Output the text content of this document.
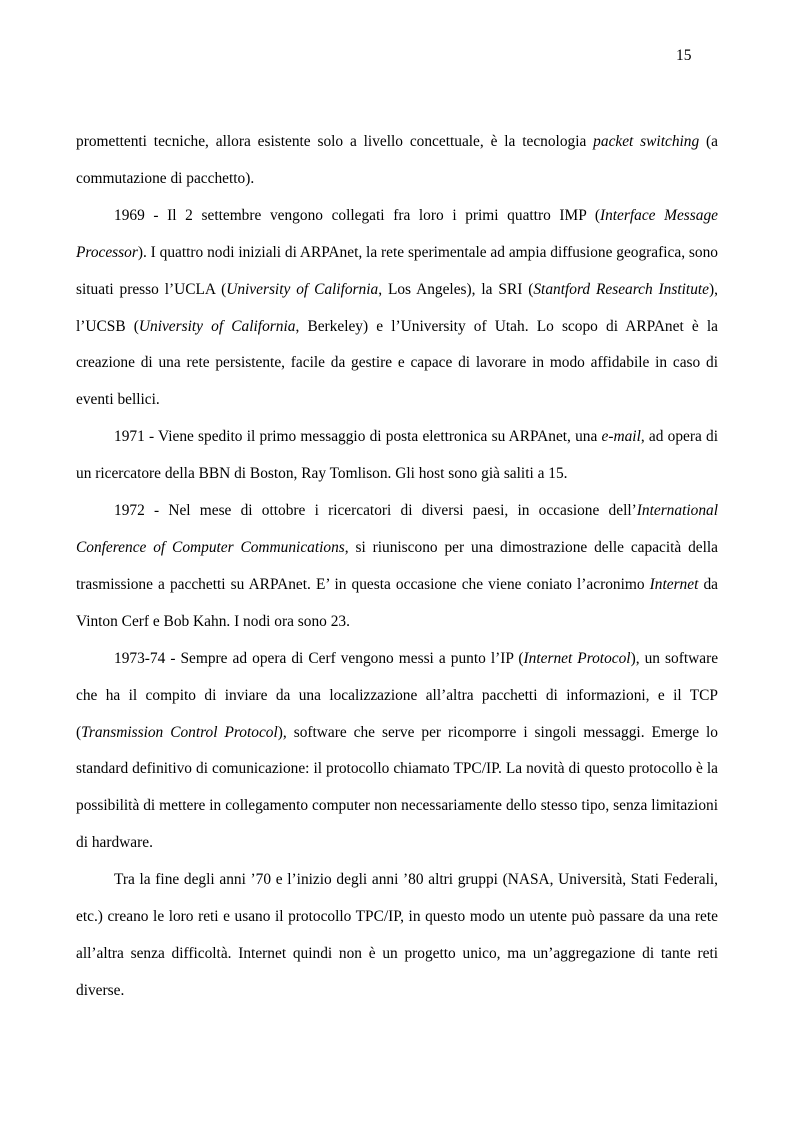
15

promettenti tecniche, allora esistente solo a livello concettuale, è la tecnologia packet switching (a commutazione di pacchetto).

1969 - Il 2 settembre vengono collegati fra loro i primi quattro IMP (Interface Message Processor). I quattro nodi iniziali di ARPAnet, la rete sperimentale ad ampia diffusione geografica, sono situati presso l’UCLA (University of California, Los Angeles), la SRI (Stantford Research Institute), l’UCSB (University of California, Berkeley) e l’University of Utah. Lo scopo di ARPAnet è la creazione di una rete persistente, facile da gestire e capace di lavorare in modo affidabile in caso di eventi bellici.

1971 - Viene spedito il primo messaggio di posta elettronica su ARPAnet, una e-mail, ad opera di un ricercatore della BBN di Boston, Ray Tomlison. Gli host sono già saliti a 15.

1972 - Nel mese di ottobre i ricercatori di diversi paesi, in occasione dell’International Conference of Computer Communications, si riuniscono per una dimostrazione delle capacità della trasmissione a pacchetti su ARPAnet. E’ in questa occasione che viene coniato l’acronimo Internet da Vinton Cerf e Bob Kahn. I nodi ora sono 23.

1973-74 - Sempre ad opera di Cerf vengono messi a punto l’IP (Internet Protocol), un software che ha il compito di inviare da una localizzazione all’altra pacchetti di informazioni, e il TCP (Transmission Control Protocol), software che serve per ricomporre i singoli messaggi. Emerge lo standard definitivo di comunicazione: il protocollo chiamato TPC/IP. La novità di questo protocollo è la possibilità di mettere in collegamento computer non necessariamente dello stesso tipo, senza limitazioni di hardware.

Tra la fine degli anni ’70 e l’inizio degli anni ’80 altri gruppi (NASA, Università, Stati Federali, etc.) creano le loro reti e usano il protocollo TPC/IP, in questo modo un utente può passare da una rete all’altra senza difficoltà. Internet quindi non è un progetto unico, ma un’aggregazione di tante reti diverse.
